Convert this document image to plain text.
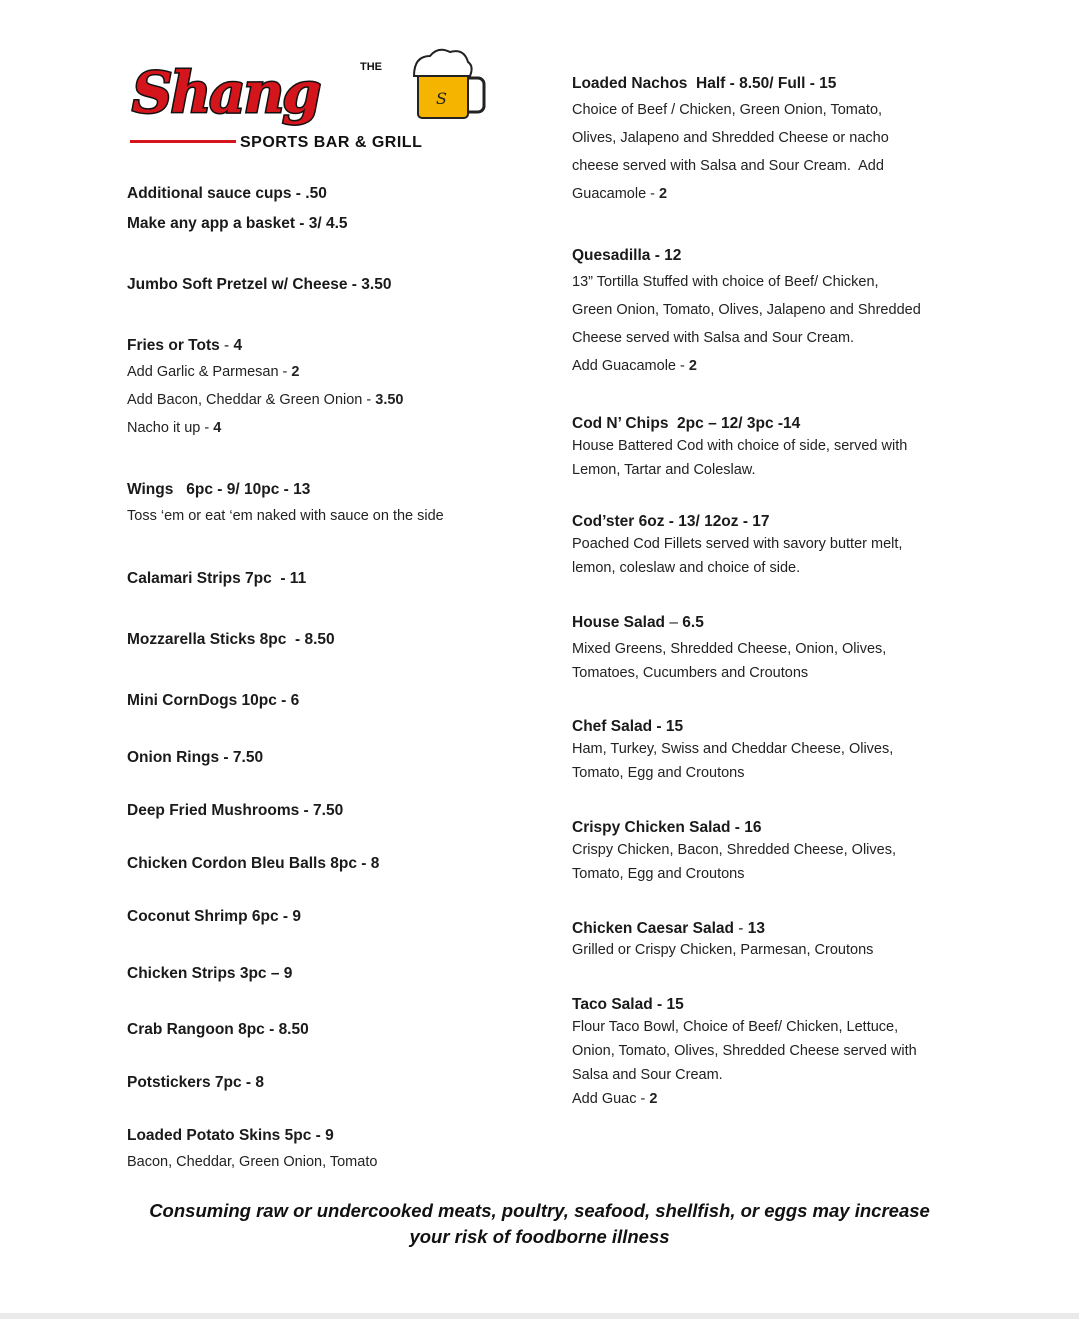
Shang	THE
SPORTS BAR & GRILL
S
Additional sauce cups - .50
Make any app a basket - 3/ 4.5
Jumbo Soft Pretzel w/ Cheese - 3.50
Fries or Tots - 4
Add Garlic & Parmesan - 2
Add Bacon, Cheddar & Green Onion - 3.50
Nacho it up - 4
Wings   6pc - 9/ 10pc - 13
Toss ‘em or eat ‘em naked with sauce on the side
Calamari Strips 7pc  - 11
Mozzarella Sticks 8pc  - 8.50
Mini CornDogs 10pc - 6
Onion Rings - 7.50
Deep Fried Mushrooms - 7.50
Chicken Cordon Bleu Balls 8pc - 8
Coconut Shrimp 6pc - 9
Chicken Strips 3pc – 9
Crab Rangoon 8pc - 8.50
Potstickers 7pc - 8
Loaded Potato Skins 5pc - 9
Bacon, Cheddar, Green Onion, Tomato
Loaded Nachos  Half - 8.50/ Full - 15
Choice of Beef / Chicken, Green Onion, Tomato,
Olives, Jalapeno and Shredded Cheese or nacho
cheese served with Salsa and Sour Cream.  Add
Guacamole - 2
Quesadilla - 12
13” Tortilla Stuffed with choice of Beef/ Chicken,
Green Onion, Tomato, Olives, Jalapeno and Shredded
Cheese served with Salsa and Sour Cream.
Add Guacamole - 2
Cod N’ Chips  2pc – 12/ 3pc -14
House Battered Cod with choice of side, served with
Lemon, Tartar and Coleslaw.
Cod’ster 6oz - 13/ 12oz - 17
Poached Cod Fillets served with savory butter melt,
lemon, coleslaw and choice of side.
House Salad – 6.5
Mixed Greens, Shredded Cheese, Onion, Olives,
Tomatoes, Cucumbers and Croutons
Chef Salad - 15
Ham, Turkey, Swiss and Cheddar Cheese, Olives,
Tomato, Egg and Croutons
Crispy Chicken Salad - 16
Crispy Chicken, Bacon, Shredded Cheese, Olives,
Tomato, Egg and Croutons
Chicken Caesar Salad - 13
Grilled or Crispy Chicken, Parmesan, Croutons
Taco Salad - 15
Flour Taco Bowl, Choice of Beef/ Chicken, Lettuce,
Onion, Tomato, Olives, Shredded Cheese served with
Salsa and Sour Cream.
Add Guac - 2
Consuming raw or undercooked meats, poultry, seafood, shellfish, or eggs may increase
your risk of foodborne illness
